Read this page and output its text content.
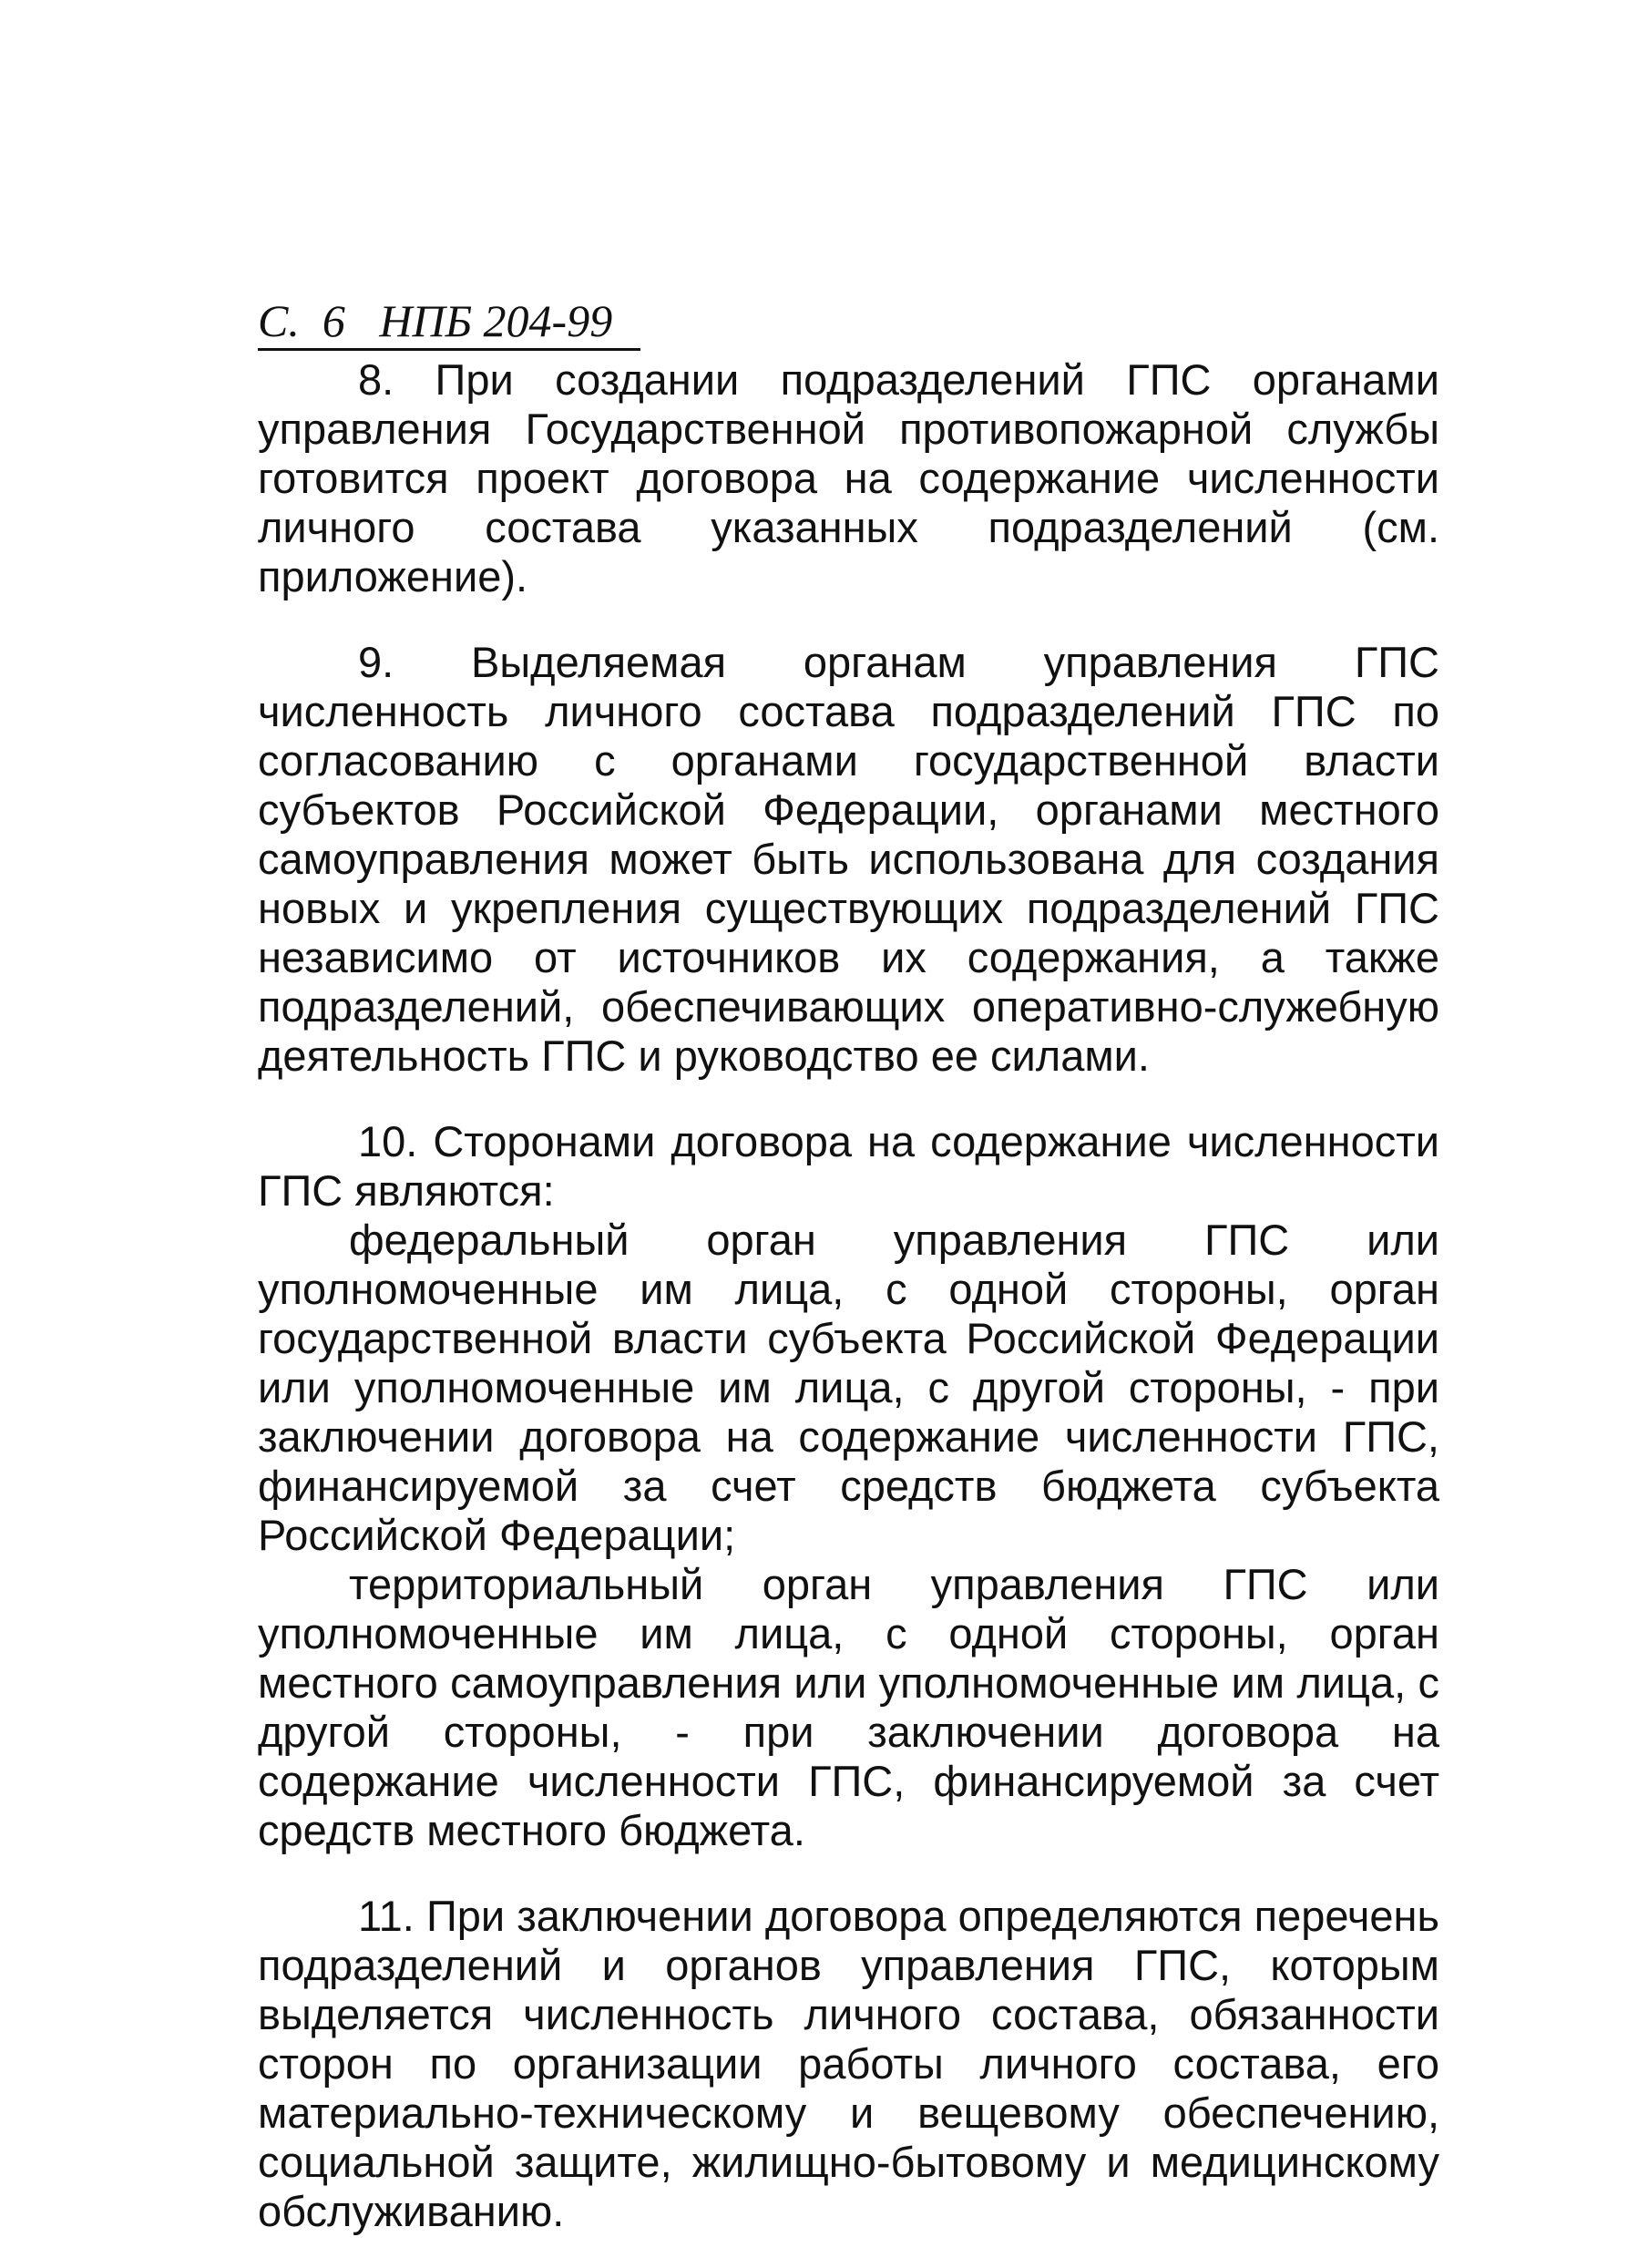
С.  6   НПБ 204-99

8. При создании подразделений ГПС органами управления Государственной противопожарной службы готовится проект договора на содержание численности личного состава указанных подразделений (см. приложение).

9. Выделяемая органам управления ГПС численность личного состава подразделений ГПС по согласованию с органами государственной власти субъектов Российской Федерации, органами местного самоуправления может быть использована для создания новых и укрепления существующих подразделений ГПС независимо от источников их содержания, а также подразделений, обеспечивающих оперативно-служебную деятельность ГПС и руководство ее силами.

10. Сторонами договора на содержание численности ГПС являются:

федеральный орган управления ГПС или уполномоченные им лица, с одной стороны, орган государственной власти субъекта Российской Федерации или уполномоченные им лица, с другой стороны, - при заключении договора на содержание численности ГПС, финансируемой за счет средств бюджета субъекта Российской Федерации;

территориальный орган управления ГПС или уполномоченные им лица, с одной стороны, орган местного самоуправления или уполномоченные им лица, с другой стороны, - при заключении договора на содержание численности ГПС, финансируемой за счет средств местного бюджета.

11. При заключении договора определяются перечень подразделений и органов управления ГПС, которым выделяется численность личного состава, обязанности сторон по организации работы личного состава, его материально-техническому и вещевому обеспечению, социальной защите, жилищно-бытовому и медицинскому обслуживанию.
